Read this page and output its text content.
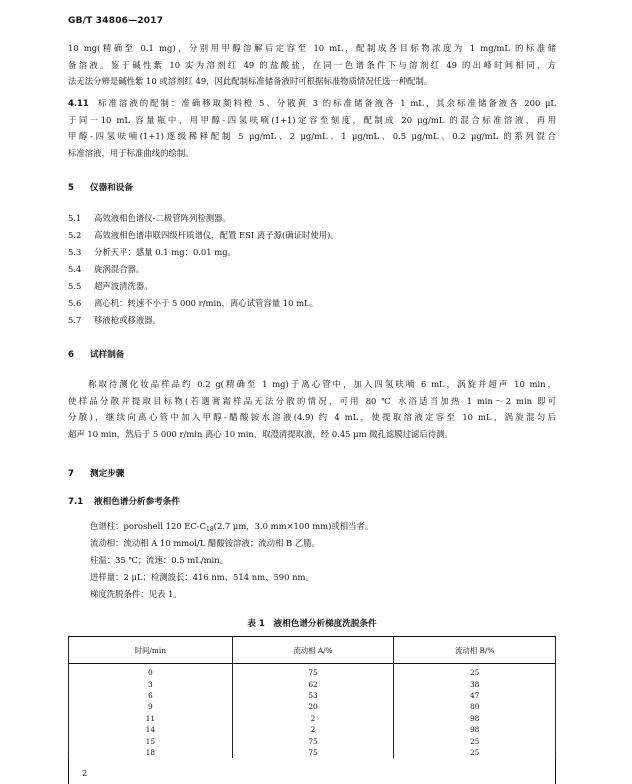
GB/T 34806—2017
10 mg(精确至 0.1 mg)，分别用甲醇溶解后定容至 10 mL，配制成各目标物浓度为 1 mg/mL 的标准储
备溶液。鉴于碱性紫 10 实为溶剂红 49 的盐酸盐，在同一色谱条件下与溶剂红 49 的出峰时间相同，方
法无法分辨是碱性紫 10 或溶剂红 49，因此配制标准储备液时可根据标准物质情况任选一种配制。
4.11 标准溶液的配制：准确移取颜料橙 5、分散黄 3 的标准储备液各 1 mL，其余标准储备液各 200 μL
于同一10 mL 容量瓶中，用甲醇-四氢呋喃(1+1)定容至刻度，配制成 20 μg/mL 的混合标准溶液，再用
甲醇-四氢呋喃(1+1)逐级稀释配制 5 μg/mL、2 μg/mL、1 μg/mL、0.5 μg/mL、0.2 μg/mL 的系列混合
标准溶液，用于标准曲线的绘制。
5 仪器和设备
5.1 高效液相色谱仪-二极管阵列检测器。
5.2 高效液相色谱串联四级杆质谱仪，配置 ESI 离子源(确证时使用)。
5.3 分析天平：感量 0.1 mg；0.01 mg。
5.4 旋涡混合器。
5.5 超声波清洗器。
5.6 离心机：转速不小于 5 000 r/min，离心试管容量 10 mL。
5.7 移液枪或移液器。
6 试样制备
称取待测化妆品样品约 0.2 g(精确至 1 mg)于离心管中，加入四氢呋喃 6 mL，涡旋并超声 10 min，
使样品分散并提取目标物(若遇膏霜样品无法分散的情况，可用 80 ℃ 水浴适当加热 1 min～2 min 即可
分散)，继续向离心管中加入甲醇-醋酸铵水溶液(4.9) 约 4 mL，使提取溶液定容至 10 mL，涡旋混匀后
超声 10 min，然后于 5 000 r/min 离心 10 min，取澄清提取液，经 0.45 μm 微孔滤膜过滤后待测。
7 测定步骤
7.1 液相色谱分析参考条件
色谱柱：poroshell 120 $EC-C_{18}(2.7$ μm，3.0 mm×100 mm)或相当者。
流动相：流动相 A 10 mmol/L 醋酸铵溶液；流动相 B 乙腈。
柱温：35 ℃；流速：0.5 mL/min。
进样量：2 μL；检测波长：416 nm、514 nm、590 nm。
梯度洗脱条件：见表 1。
表 1　液相色谱分析梯度洗脱条件
时间/min	流动相 A/%	流动相 B/%
0	75	25
3	62	38
6	53	47
9	20	80
11	2	98
14	2	98
15	75	25
18	75	25
2
